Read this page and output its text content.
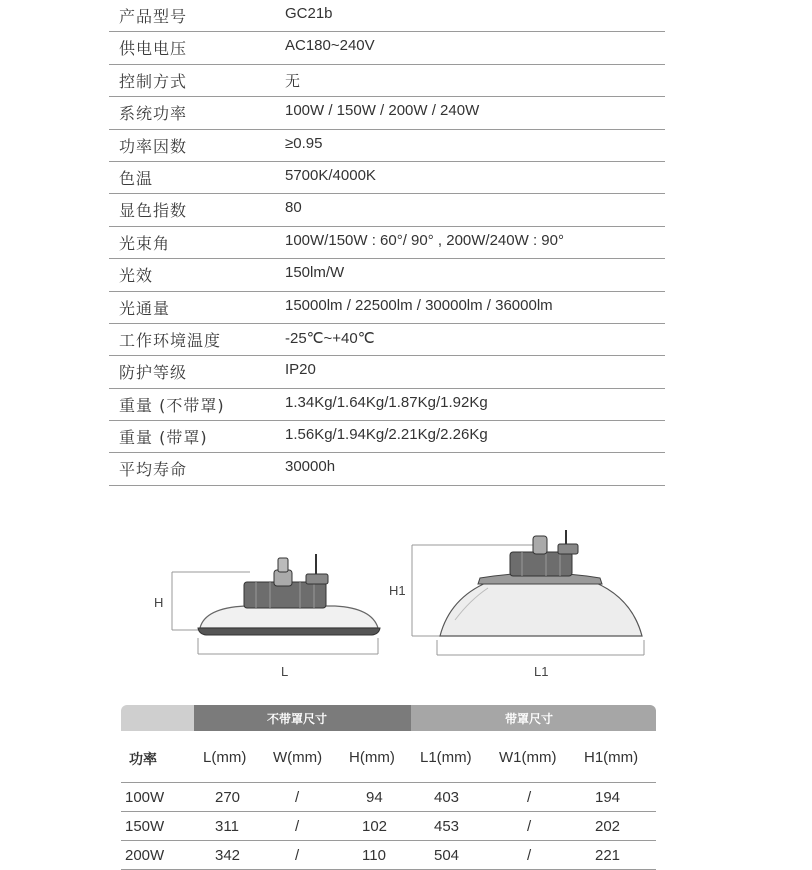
产品型号	GC21b
供电电压	AC180~240V
控制方式	无
系统功率	100W / 150W / 200W / 240W
功率因数	≥0.95
色温	5700K/4000K
显色指数	80
光束角	100W/150W : 60°/ 90° , 200W/240W : 90°
光效	150lm/W
光通量	15000lm / 22500lm / 30000lm / 36000lm
工作环境温度	-25℃~+40℃
防护等级	IP20
重量 (不带罩)	1.34Kg/1.64Kg/1.87Kg/1.92Kg
重量 (带罩)	1.56Kg/1.94Kg/2.21Kg/2.26Kg
平均寿命	30000h
H
L
H1
L1
不带罩尺寸	带罩尺寸
功率	L(mm) W(mm) H(mm) L1(mm) W1(mm) H1(mm)
100W	270	/	94	403	/	194
150W	311	/	102	453	/	202
200W	342	/	110	504	/	221
